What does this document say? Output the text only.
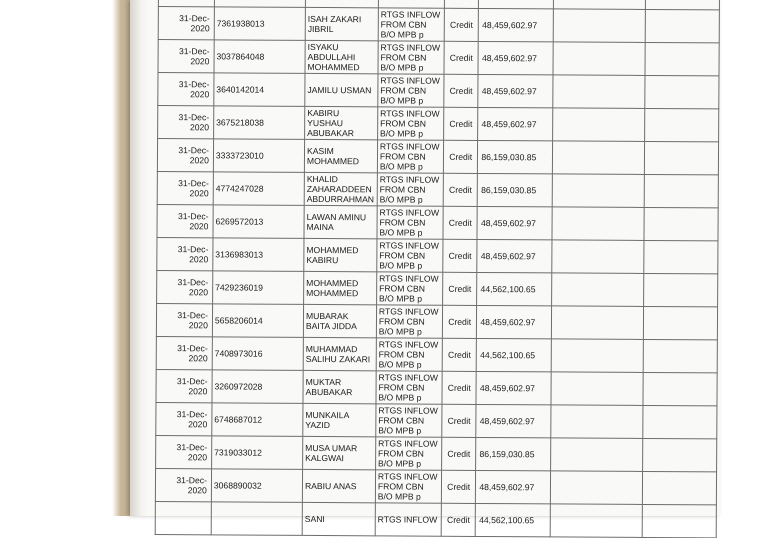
31-Dec-2020	7361938013	ISAH ZAKARI JIBRIL	RTGS INFLOW FROM CBN B/O MPB p	Credit	48,459,602.97		
31-Dec-2020	3037864048	ISYAKU ABDULLAHI MOHAMMED	RTGS INFLOW FROM CBN B/O MPB p	Credit	48,459,602.97		
31-Dec-2020	3640142014	JAMILU USMAN	RTGS INFLOW FROM CBN B/O MPB p	Credit	48,459,602.97		
31-Dec-2020	3675218038	KABIRU YUSHAU ABUBAKAR	RTGS INFLOW FROM CBN B/O MPB p	Credit	48,459,602.97		
31-Dec-2020	3333723010	KASIM MOHAMMED	RTGS INFLOW FROM CBN B/O MPB p	Credit	86,159,030.85		
31-Dec-2020	4774247028	KHALID ZAHARADDEEN ABDURRAHMAN	RTGS INFLOW FROM CBN B/O MPB p	Credit	86,159,030.85		
31-Dec-2020	6269572013	LAWAN AMINU MAINA	RTGS INFLOW FROM CBN B/O MPB p	Credit	48,459,602.97		
31-Dec-2020	3136983013	MOHAMMED KABIRU	RTGS INFLOW FROM CBN B/O MPB p	Credit	48,459,602.97		
31-Dec-2020	7429236019	MOHAMMED MOHAMMED	RTGS INFLOW FROM CBN B/O MPB p	Credit	44,562,100.65		
31-Dec-2020	5658206014	MUBARAK BAITA JIDDA	RTGS INFLOW FROM CBN B/O MPB p	Credit	48,459,602.97		
31-Dec-2020	7408973016	MUHAMMAD SALIHU ZAKARI	RTGS INFLOW FROM CBN B/O MPB p	Credit	44,562,100.65		
31-Dec-2020	3260972028	MUKTAR ABUBAKAR	RTGS INFLOW FROM CBN B/O MPB p	Credit	48,459,602.97		
31-Dec-2020	6748687012	MUNKAILA YAZID	RTGS INFLOW FROM CBN B/O MPB p	Credit	48,459,602.97		
31-Dec-2020	7319033012	MUSA UMAR KALGWAI	RTGS INFLOW FROM CBN B/O MPB p	Credit	86,159,030.85		
31-Dec-2020	3068890032	RABIU ANAS	RTGS INFLOW FROM CBN B/O MPB p	Credit	48,459,602.97		
		SANI	RTGS INFLOW	Credit	44,562,100.65		
